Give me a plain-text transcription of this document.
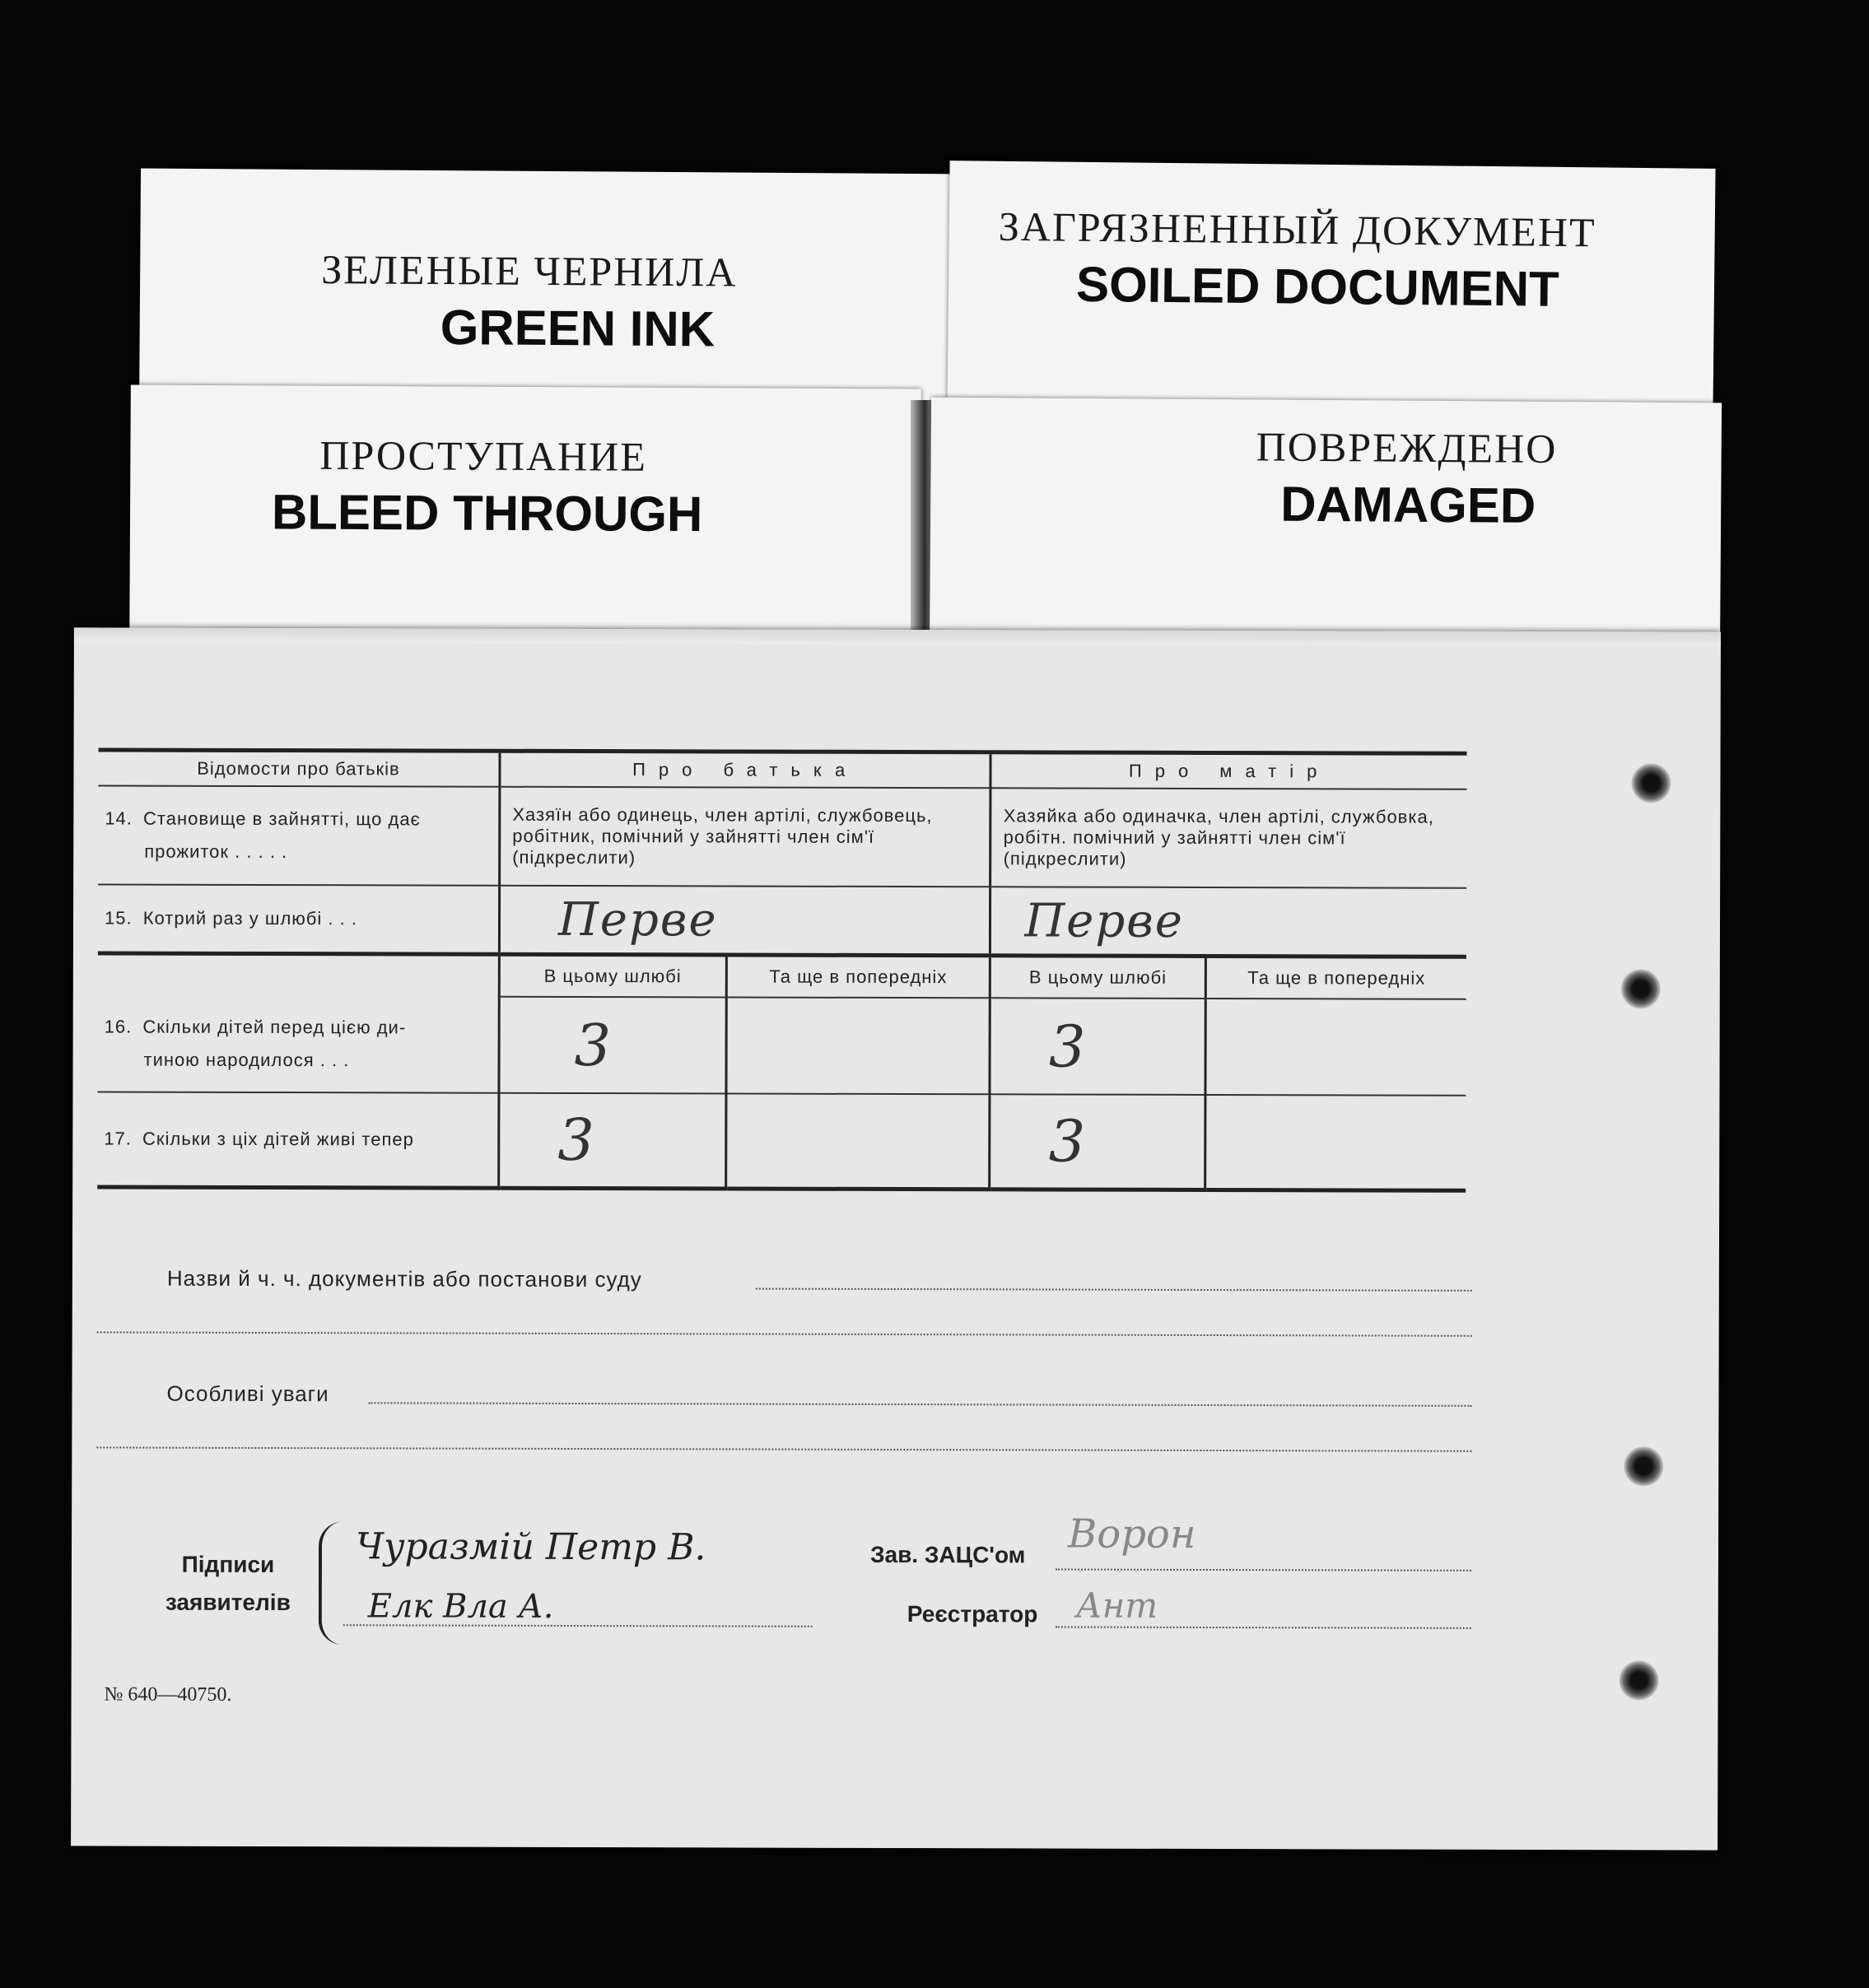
ЗЕЛЕНЫЕ ЧЕРНИЛА
GREEN INK
ЗАГРЯЗНЕННЫЙ ДОКУМЕНТ
SOILED DOCUMENT
ПРОСТУПАНИЕ
BLEED THROUGH
ПОВРЕЖДЕНО
DAMAGED
Відомости про батьків	Про батька		Про матір	
14. Становище в зайнятті, що дає
прожиток . . . . .	Хазяїн або одинець, член артілі, службовець, робітник, помічний у зайнятті член сім'ї (підкреслити)		Хазяйка або одиначка, член артілі, службовка, робітн. помічний у зайнятті член сім'ї (підкреслити)	
15. Котрий раз у шлюбі . . .	Перве		Перве	

16. Скільки дітей перед цією ди-
тиною народилося . . .	В цьому шлюбі	Та ще в попередніх	В цьому шлюбі	Та ще в попередніх
	3		3	
17. Скільки з ціх дітей живі тепер	3		3	
Назви й ч. ч. документів або постанови суду
Особливі уваги
Підписи
заявителів
Чуразмій Петр В.
Елк Вла А.
Зав. ЗАЦС'ом Ворон
Реєстратор Ант
№ 640—40750.
